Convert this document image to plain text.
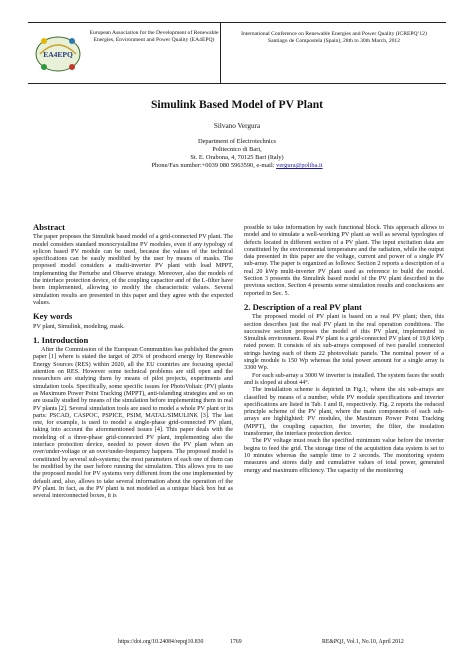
EA4EPQ
European Association for the Development of Renewable Energies, Environment and Power Quality (EA4EPQ)
International Conference on Renewable Energies and Power Quality (ICREPQ’12)
Santiago de Compostela (Spain), 28th to 30th March, 2012
Simulink Based Model of PV Plant
Silvano Vergura
Department of Electrotechnics
Politecnico di Bari,
St. E. Orabona, 4, 70125 Bari (Italy)
Phone/Fax number:+0039 080 5963590, e-mail: vergura@poliba.it
Abstract

The paper proposes the Simulink based model of a grid-connected PV plant. The model considers standard monocrystalline PV modules, even if any typology of sylicon based PV module can be used, because the values of the technical specifications can be easily modified by the user by means of masks. The proposed model considers a multi-inverter PV plant with load MPPT, implementing the Perturbe and Observe strategy. Moreover, also the models of the interface protection device, of the coupling capacitor and of the L-filter have been implemented, allowing to modify the characteristic values. Several simulation results are presented in this paper and they agree with the expected values.

Key words

PV plant, Simulink, modeling, mask.

1. Introduction

After the Commission of the European Communities has published the green paper [1] where is stated the target of 20% of produced energy by Renewable Energy Sources (RES) within 2020, all the EU countries are focusing special attention on RES. However some technical problems are still open and the researchers are studying them by means of pilot projects, experiments and simulation tools. Specifically, some specific issues for PhotoVoltaic (PV) plants as Maximum Power Point Tracking (MPPT), anti-islanding strategies and so on are usually studied by means of the simulation before implementing them in real PV plants [2]. Several simulation tools are used to model a whole PV plant or its parts: PSCAD, CASPOC, PSPICE, PSIM, MATAL/SIMULINK [3]. The last one, for example, is used to model a single-phase grid-connected PV plant, taking into account the aforementioned issues [4]. This paper deals with the modeling of a three-phase grid-connected PV plant, implementing also the interface protection device, needed to power down the PV plant when an over/under-voltage or an over/under-frequency happens. The proposed model is constituted by several sub-systems; the most parameters of each one of them can be modified by the user before running the simulation. This allows you to use the proposed model for PV systems very different from the one implemented by default and, also, allows to take several information about the operation of the PV plant. In fact, as the PV plant is not modeled as a unique black box but as several interconnected boxes, it is

possible to take information by each functional block. This approach allows to model and to simulate a well-working PV plant as well as several typologies of defects located in different section of a PV plant. The input excitation data are constituted by the environmental temperature and the radiation, while the output data presented in this paper are the voltage, current and power of a single PV sub-array. The paper is organized as follows: Section 2 reports a description of a real 20 kWp multi-inverter PV plant used as reference to build the model. Section 3 presents the Simulink based model of the PV plant described in the previous section. Section 4 presents some simulation results and conclusions are reported in Sec. 5.

2. Description of a real PV plant

The proposed model of PV plant is based on a real PV plant; then, this section describes just the real PV plant in the real operation conditions. The successive section proposes the model of this PV plant, implemented in Simulink environment. Real PV plant is a grid-connected PV plant of 19,8 kWp rated power. It consists of six sub-arrays composed of two parallel connected strings having each of them 22 photovoltaic panels. The nominal power of a single module is 150 Wp whereas the total power amount for a single array is 3300 Wp.

For each sub-array a 3000 W inverter is installed. The system faces the south and is sloped at about 44°.

The installation scheme is depicted in Fig.1, where the six sub-arrays are classified by means of a number, while PV module specifications and inverter specifications are listed in Tab. I and II, respectively. Fig. 2 reports the reduced principle scheme of the PV plant, where the main components of each sub-arrays are highlighted: PV modules, the Maximum Power Point Tracking (MPPT), the coupling capacitor, the inverter, the filter, the insulation transformer, the interface protection device.

The PV voltage must reach the specified minimum value before the inverter begins to feed the grid. The storage time of the acquisition data system is set to 10 minutes whereas the sample time to 2 seconds. The monitoring system measures and stores daily and cumulative values of total power, generated energy and maximum efficiency. The capacity of the monitoring

https://doi.org/10.24084/repqj10.830	1769	RE&PQJ, Vol.1, No.10, April 2012
